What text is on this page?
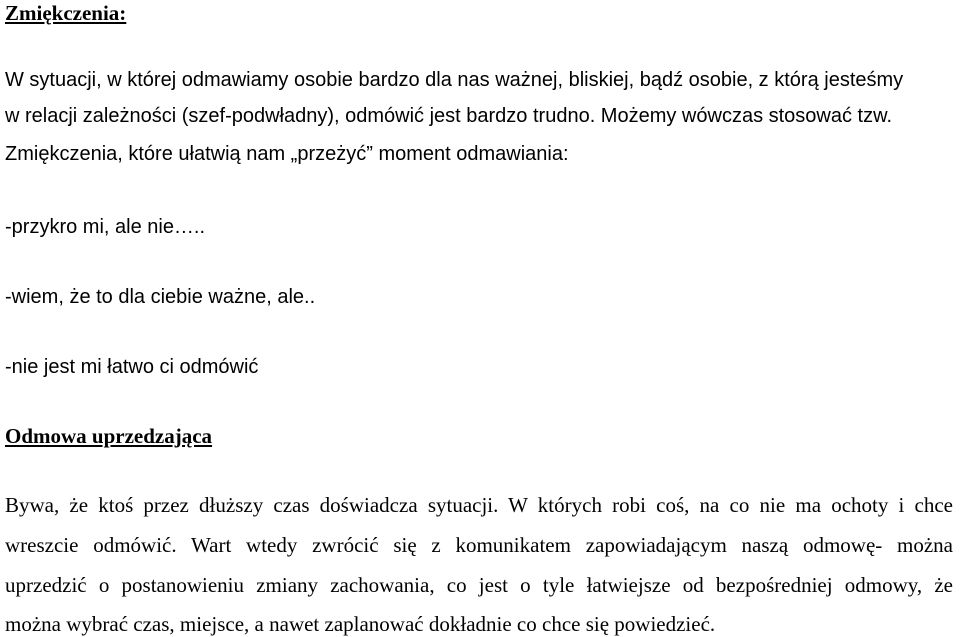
Zmiękczenia:
W sytuacji, w której odmawiamy osobie bardzo dla nas ważnej, bliskiej, bądź osobie, z którą jesteśmy
w relacji zależności (szef-podwładny), odmówić jest bardzo trudno. Możemy wówczas stosować tzw.
Zmiękczenia, które ułatwią nam „przeżyć” moment odmawiania:
-przykro mi, ale nie…..
-wiem, że to dla ciebie ważne, ale..
-nie jest mi łatwo ci odmówić
Odmowa uprzedzająca
Bywa, że ktoś przez dłuższy czas doświadcza sytuacji. W których robi coś, na co nie ma ochoty i chce
wreszcie odmówić. Wart wtedy zwrócić się z komunikatem zapowiadającym naszą odmowę- można
uprzedzić o postanowieniu zmiany zachowania, co jest o tyle łatwiejsze od bezpośredniej odmowy, że
można wybrać czas, miejsce, a nawet zaplanować dokładnie co chce się powiedzieć.
